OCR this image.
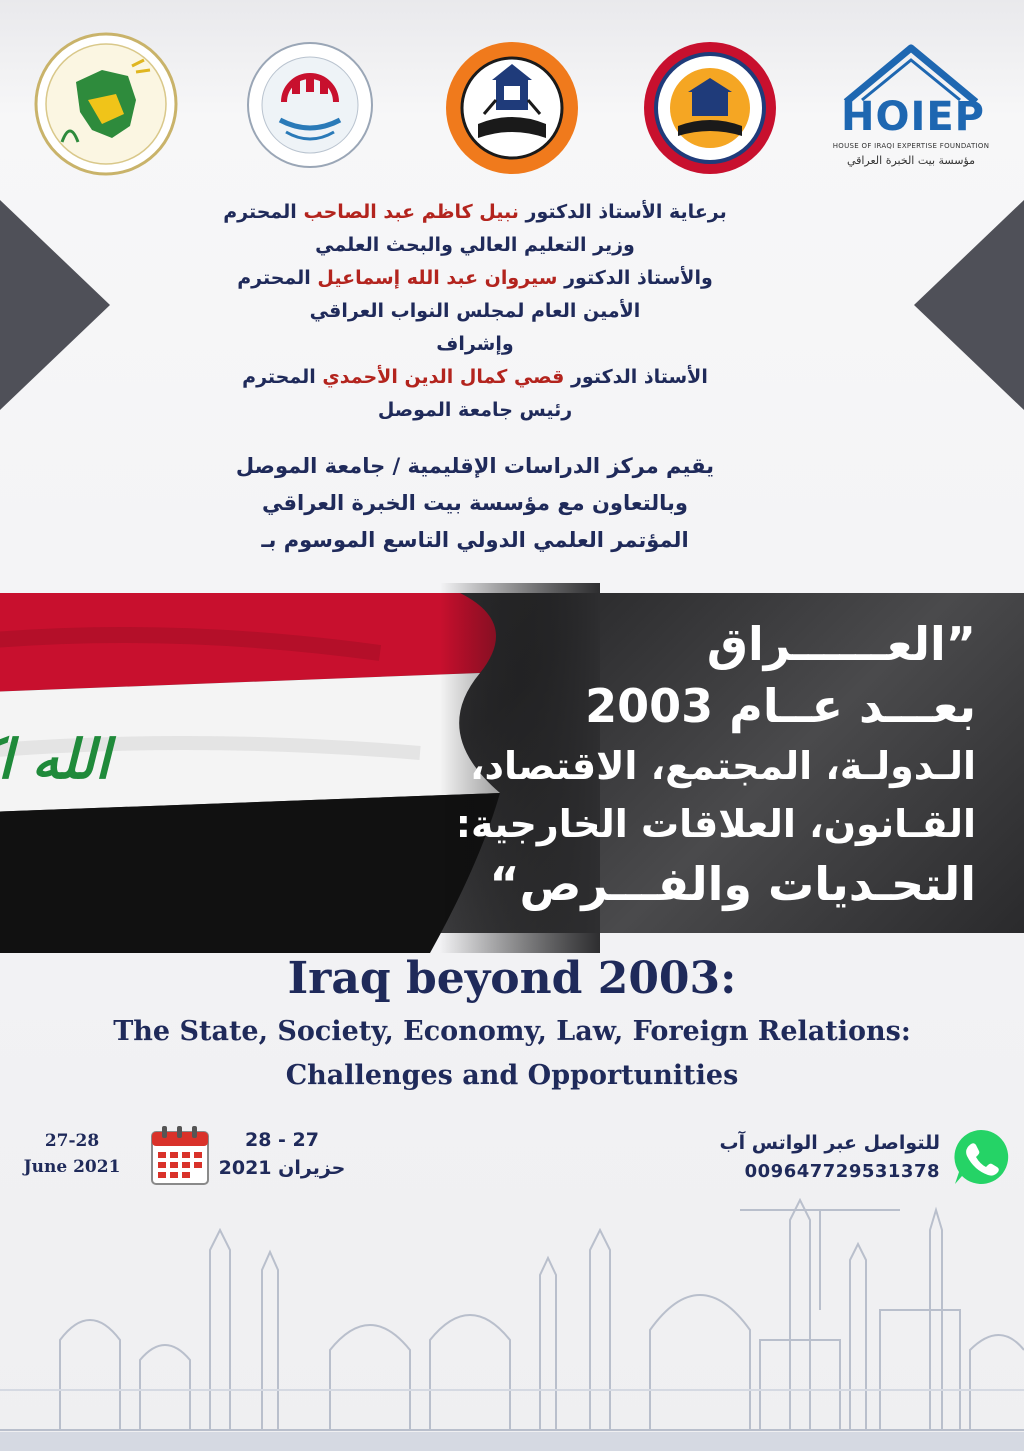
HOIEP
HOUSE OF IRAQI EXPERTISE FOUNDATION
مؤسسة بيت الخبرة العراقي
برعاية الأستاذ الدكتور نبيل كاظم عبد الصاحب المحترم
وزير التعليم العالي والبحث العلمي
والأستاذ الدكتور سيروان عبد الله إسماعيل المحترم
الأمين العام لمجلس النواب العراقي
وإشراف
الأستاذ الدكتور قصي كمال الدين الأحمدي المحترم
رئيس جامعة الموصل
يقيم مركز الدراسات الإقليمية / جامعة الموصل
وبالتعاون مع مؤسسة بيت الخبرة العراقي
المؤتمر العلمي الدولي التاسع الموسوم بـ
”العــــــراق
بعـــد عــام 2003
الـدولـة، المجتمع، الاقتصاد،
القـانون، العلاقات الخارجية:
التحـديات والفـــرص“
Iraq beyond 2003:
The State, Society, Economy, Law, Foreign Relations:
Challenges and Opportunities
27-28
June 2021
28 - 27
حزيران 2021
للتواصل عبر الواتس آب
009647729531378
